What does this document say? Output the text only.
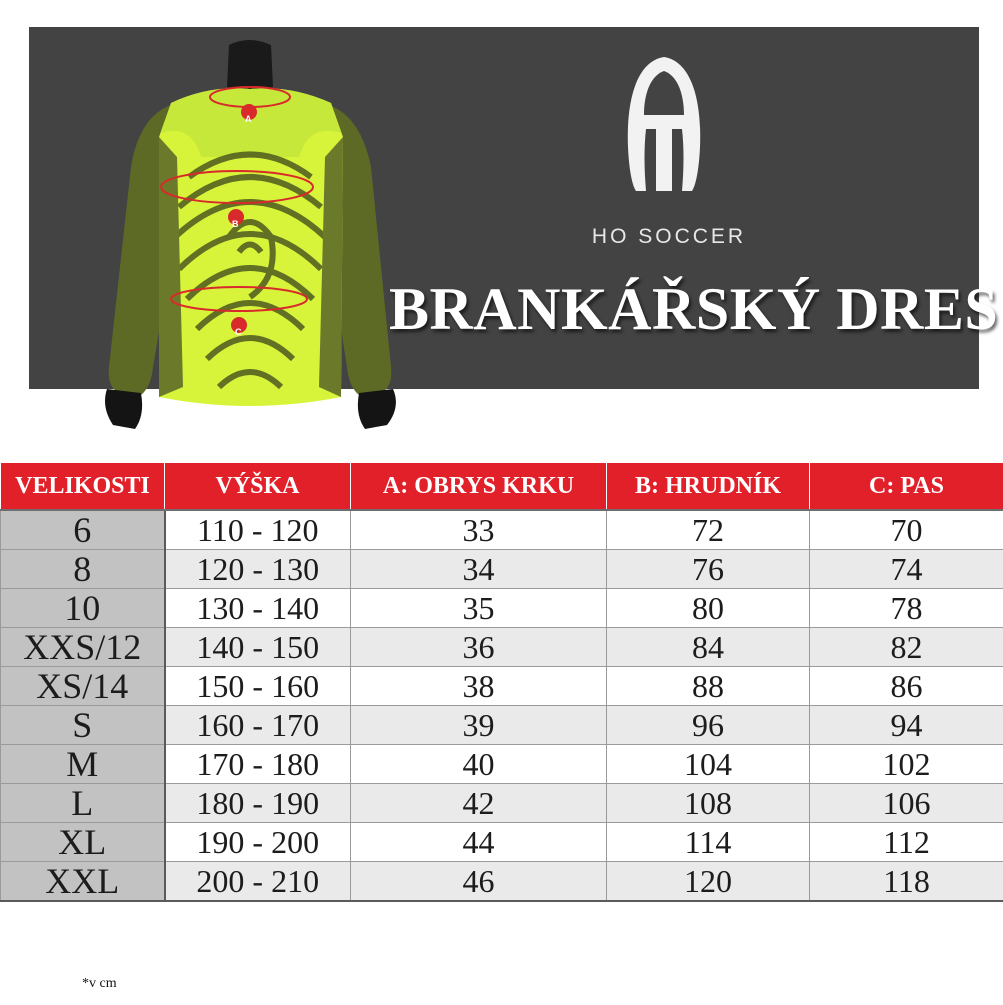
A
B
C
HO SOCCER
BRANKÁŘSKÝ DRES
VELIKOSTI	VÝŠKA	A: OBRYS KRKU	B: HRUDNÍK	C: PAS
6	110 - 120	33	72	70
8	120 - 130	34	76	74
10	130 - 140	35	80	78
XXS/12	140 - 150	36	84	82
XS/14	150 - 160	38	88	86
S	160 - 170	39	96	94
M	170 - 180	40	104	102
L	180 - 190	42	108	106
XL	190 - 200	44	114	112
XXL	200 - 210	46	120	118
*v cm
